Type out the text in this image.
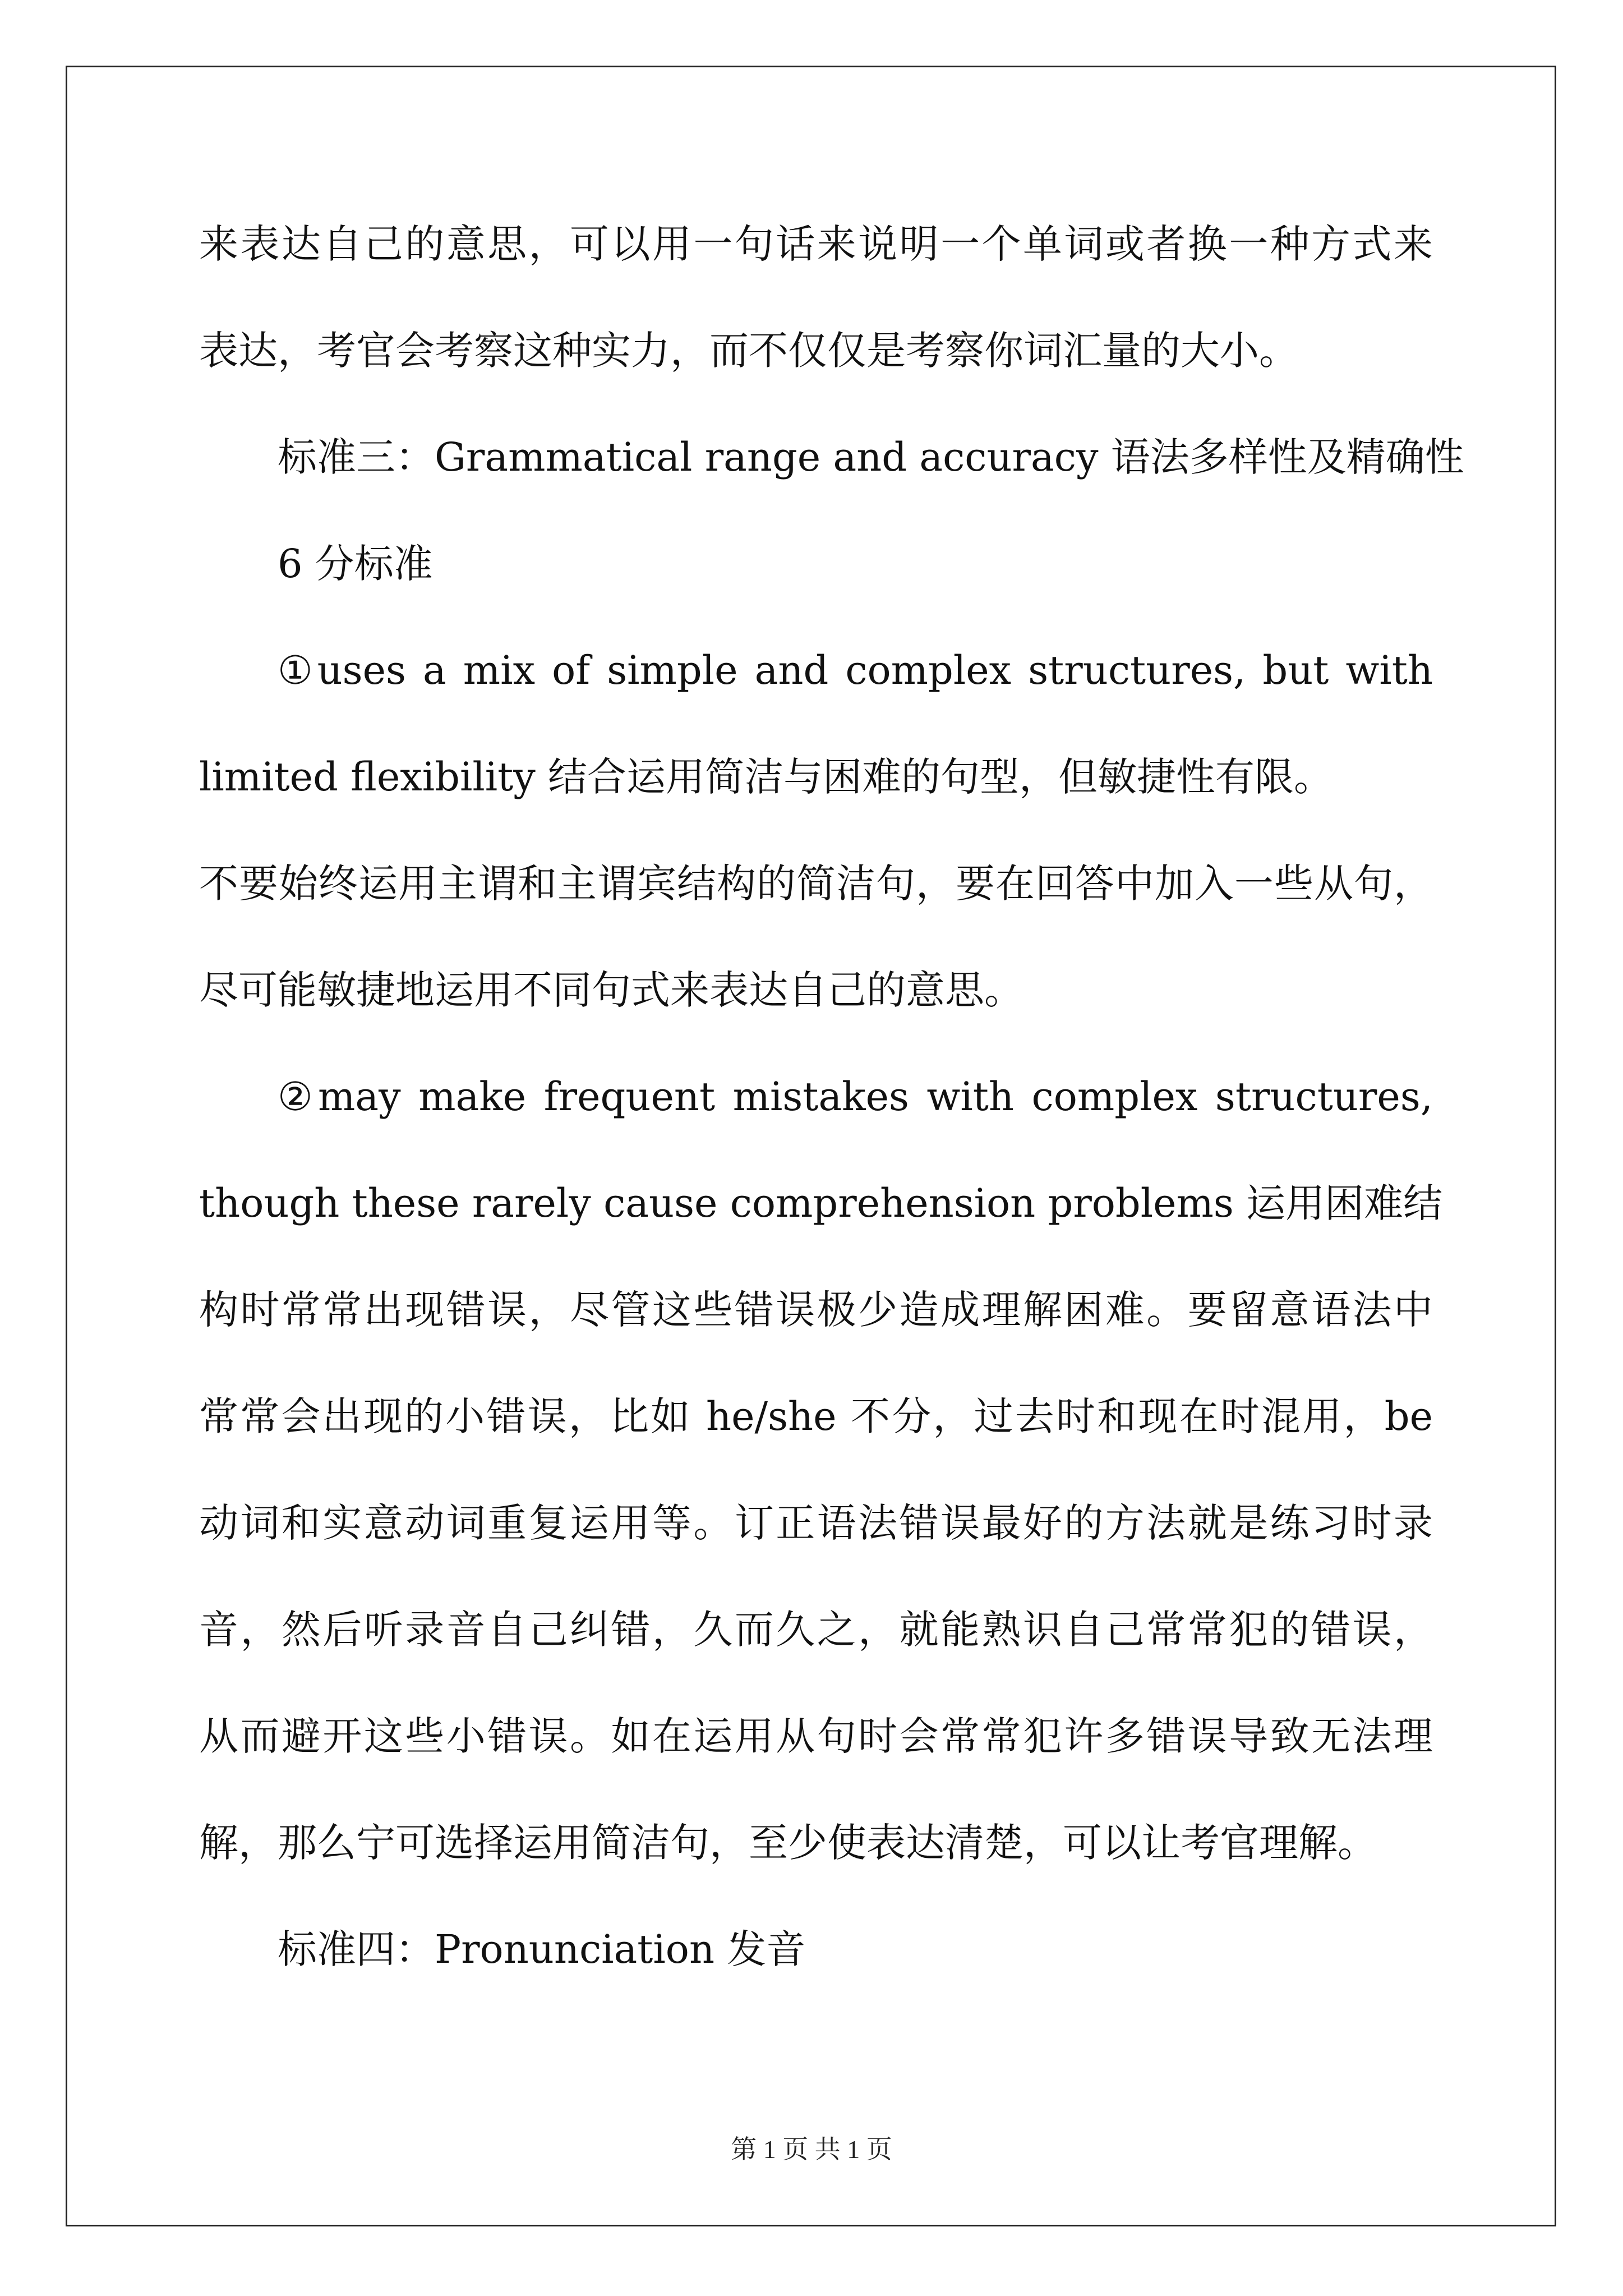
来表达自己的意思，可以用一句话来说明一个单词或者换一种方式来
表达，考官会考察这种实力，而不仅仅是考察你词汇量的大小。
标准三：Grammatical range and accuracy 语法多样性及精确性
6 分标准
①uses a mix of simple and complex structures, but with
limited flexibility 结合运用简洁与困难的句型，但敏捷性有限。
不要始终运用主谓和主谓宾结构的简洁句，要在回答中加入一些从句，
尽可能敏捷地运用不同句式来表达自己的意思。
②may make frequent mistakes with complex structures,
though these rarely cause comprehension problems 运用困难结
构时常常出现错误，尽管这些错误极少造成理解困难。要留意语法中
常常会出现的小错误，比如 he/she 不分，过去时和现在时混用，be
动词和实意动词重复运用等。订正语法错误最好的方法就是练习时录
音，然后听录音自己纠错，久而久之，就能熟识自己常常犯的错误，
从而避开这些小错误。如在运用从句时会常常犯许多错误导致无法理
解，那么宁可选择运用简洁句，至少使表达清楚，可以让考官理解。
标准四：Pronunciation 发音
第 1 页 共 1 页
